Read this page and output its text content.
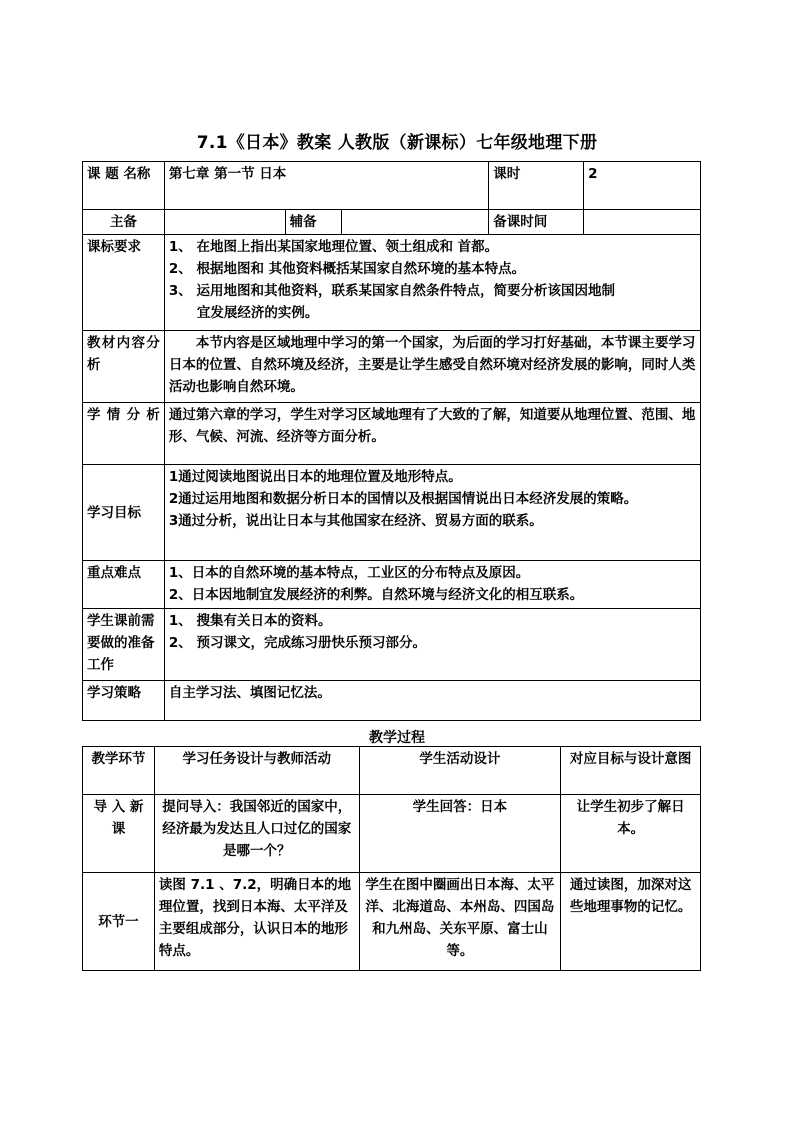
7.1《日本》教案 人教版（新课标）七年级地理下册
课 题 名称	第七章 第一节 日本			课时	2
主备		辅备		备课时间	
课标要求	1、 在地图上指出某国家地理位置、领土组成和 首都。
2、 根据地图和 其他资料概括某国家自然环境的基本特点。
3、 运用地图和其他资料，联系某国家自然条件特点，简要分析该国因地制
宜发展经济的实例。				

教材内容分析	本节内容是区域地理中学习的第一个国家，为后面的学习打好基础，本节课主要学习日本的位置、自然环境及经济，主要是让学生感受自然环境对经济发展的影响，同时人类活动也影响自然环境。				
学情分析	通过第六章的学习，学生对学习区域地理有了大致的了解，知道要从地理位置、范围、地形、气候、河流、经济等方面分析。				
学习目标	1通过阅读地图说出日本的地理位置及地形特点。
2通过运用地图和数据分析日本的国情以及根据国情说出日本经济发展的策略。
3通过分析，说出让日本与其他国家在经济、贸易方面的联系。				

重点难点	1、日本的自然环境的基本特点，工业区的分布特点及原因。
2、日本因地制宜发展经济的利弊。自然环境与经济文化的相互联系。				

学生课前需要做的准备工作	1、 搜集有关日本的资料。
2、 预习课文，完成练习册快乐预习部分。				

学习策略	自主学习法、填图记忆法。				
教学过程
教学环节	学习任务设计与教师活动	学生活动设计	对应目标与设计意图
导 入 新课	提问导入：我国邻近的国家中，经济最为发达且人口过亿的国家是哪一个？	学生回答：日本	让学生初步了解日本。
环节一	读图 7.1 、7.2，明确日本的地理位置，找到日本海、太平洋及主要组成部分，认识日本的地形特点。	学生在图中圈画出日本海、太平洋、北海道岛、本州岛、四国岛和九州岛、关东平原、富士山等。	通过读图，加深对这些地理事物的记忆。
